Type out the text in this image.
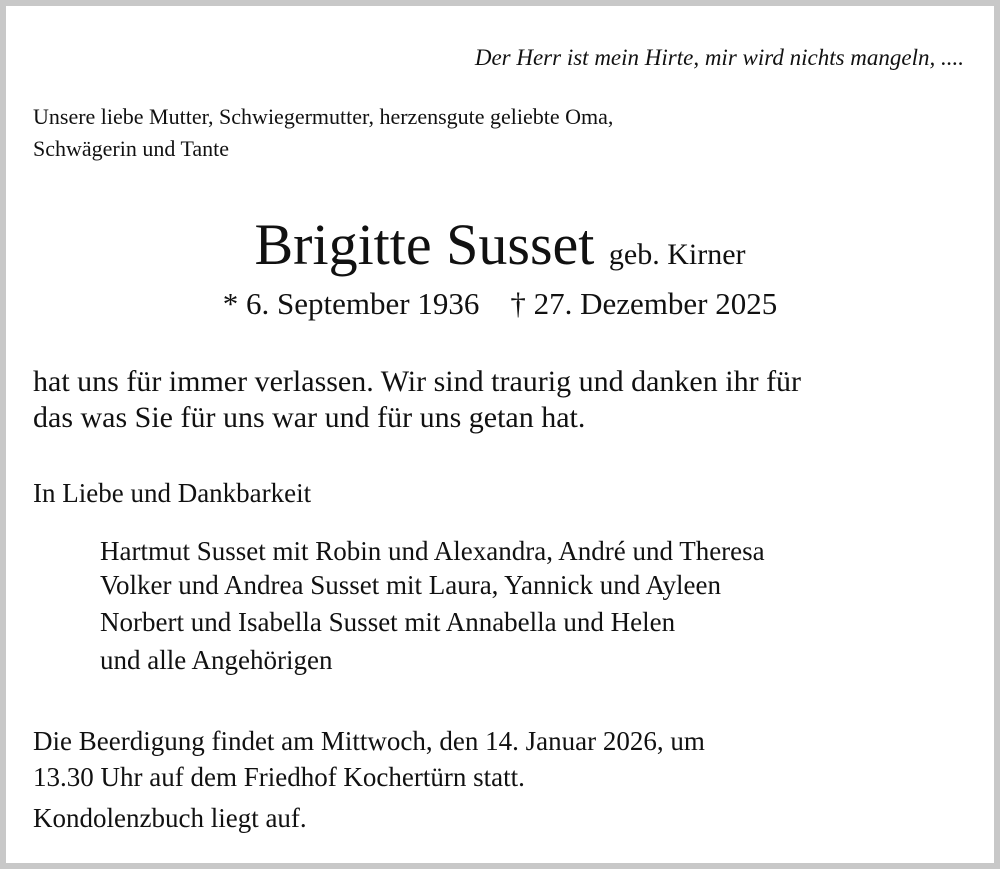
Der Herr ist mein Hirte, mir wird nichts mangeln, ....
Unsere liebe Mutter, Schwiegermutter, herzensgute geliebte Oma,
Schwägerin und Tante
Brigitte Susset geb. Kirner
* 6. September 1936 † 27. Dezember 2025
hat uns für immer verlassen. Wir sind traurig und danken ihr für
das was Sie für uns war und für uns getan hat.
In Liebe und Dankbarkeit
Hartmut Susset mit Robin und Alexandra, André und Theresa
Volker und Andrea Susset mit Laura, Yannick und Ayleen
Norbert und Isabella Susset mit Annabella und Helen
und alle Angehörigen
Die Beerdigung findet am Mittwoch, den 14. Januar 2026, um
13.30 Uhr auf dem Friedhof Kochertürn statt.
Kondolenzbuch liegt auf.
